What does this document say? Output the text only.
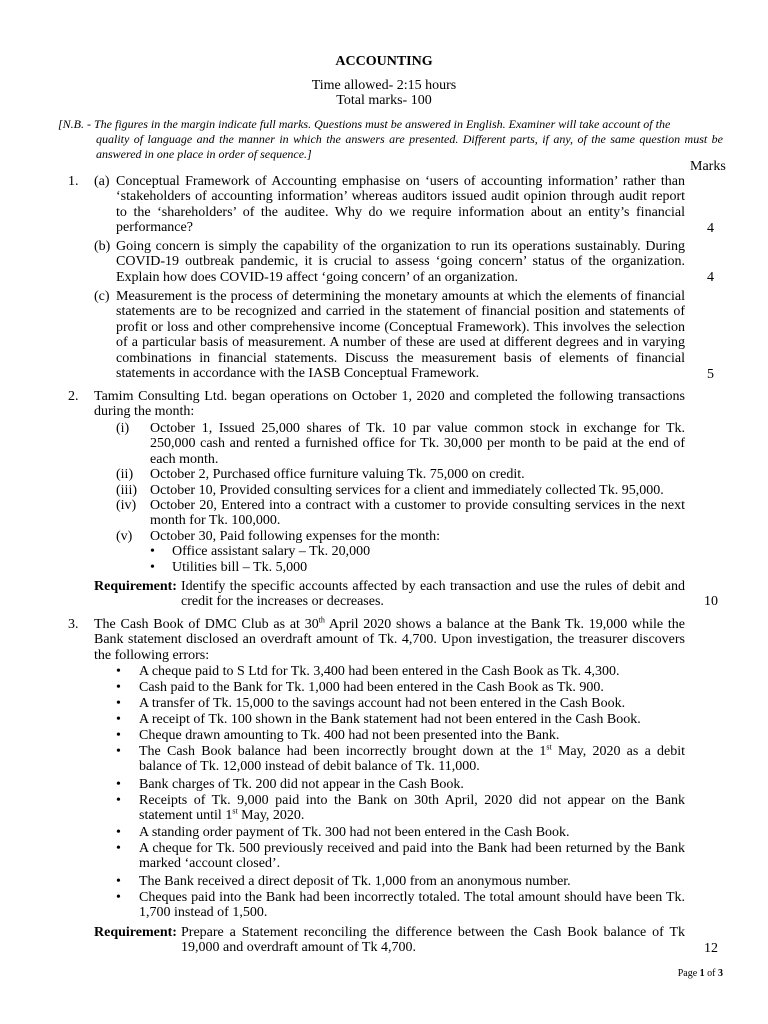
ACCOUNTING
Time allowed- 2:15 hours
Total marks- 100
[N.B. - The figures in the margin indicate full marks. Questions must be answered in English. Examiner will take account of the
quality of language and the manner in which the answers are presented. Different parts, if any, of the same question must be answered in one place in order of sequence.]
Marks
1. (a) Conceptual Framework of Accounting emphasise on ‘users of accounting information’ rather than ‘stakeholders of accounting information’ whereas auditors issued audit opinion through audit report to the ‘shareholders’ of the auditee. Why do we require information about an entity’s financial performance?	4
(b) Going concern is simply the capability of the organization to run its operations sustainably. During COVID-19 outbreak pandemic, it is crucial to assess ‘going concern’ status of the organization. Explain how does COVID-19 affect ‘going concern’ of an organization.	4
(c) Measurement is the process of determining the monetary amounts at which the elements of financial statements are to be recognized and carried in the statement of financial position and statements of profit or loss and other comprehensive income (Conceptual Framework). This involves the selection of a particular basis of measurement. A number of these are used at different degrees and in varying combinations in financial statements. Discuss the measurement basis of elements of financial statements in accordance with the IASB Conceptual Framework.	5
2. Tamim Consulting Ltd. began operations on October 1, 2020 and completed the following transactions during the month:
(i) October 1, Issued 25,000 shares of Tk. 10 par value common stock in exchange for Tk. 250,000 cash and rented a furnished office for Tk. 30,000 per month to be paid at the end of each month.
(ii) October 2, Purchased office furniture valuing Tk. 75,000 on credit.
(iii) October 10, Provided consulting services for a client and immediately collected Tk. 95,000.
(iv) October 20, Entered into a contract with a customer to provide consulting services in the next month for Tk. 100,000.
(v) October 30, Paid following expenses for the month:
• Office assistant salary – Tk. 20,000
• Utilities bill – Tk. 5,000
Requirement: Identify the specific accounts affected by each transaction and use the rules of debit and credit for the increases or decreases.	10
3. The Cash Book of DMC Club as at 30th April 2020 shows a balance at the Bank Tk. 19,000 while the Bank statement disclosed an overdraft amount of Tk. 4,700. Upon investigation, the treasurer discovers the following errors:
• A cheque paid to S Ltd for Tk. 3,400 had been entered in the Cash Book as Tk. 4,300.
• Cash paid to the Bank for Tk. 1,000 had been entered in the Cash Book as Tk. 900.
• A transfer of Tk. 15,000 to the savings account had not been entered in the Cash Book.
• A receipt of Tk. 100 shown in the Bank statement had not been entered in the Cash Book.
• Cheque drawn amounting to Tk. 400 had not been presented into the Bank.
• The Cash Book balance had been incorrectly brought down at the 1st May, 2020 as a debit balance of Tk. 12,000 instead of debit balance of Tk. 11,000.
• Bank charges of Tk. 200 did not appear in the Cash Book.
• Receipts of Tk. 9,000 paid into the Bank on 30th April, 2020 did not appear on the Bank statement until 1st May, 2020.
• A standing order payment of Tk. 300 had not been entered in the Cash Book.
• A cheque for Tk. 500 previously received and paid into the Bank had been returned by the Bank marked ‘account closed’.
• The Bank received a direct deposit of Tk. 1,000 from an anonymous number.
• Cheques paid into the Bank had been incorrectly totaled. The total amount should have been Tk. 1,700 instead of 1,500.
Requirement: Prepare a Statement reconciling the difference between the Cash Book balance of Tk 19,000 and overdraft amount of Tk 4,700.	12
Page 1 of 3
